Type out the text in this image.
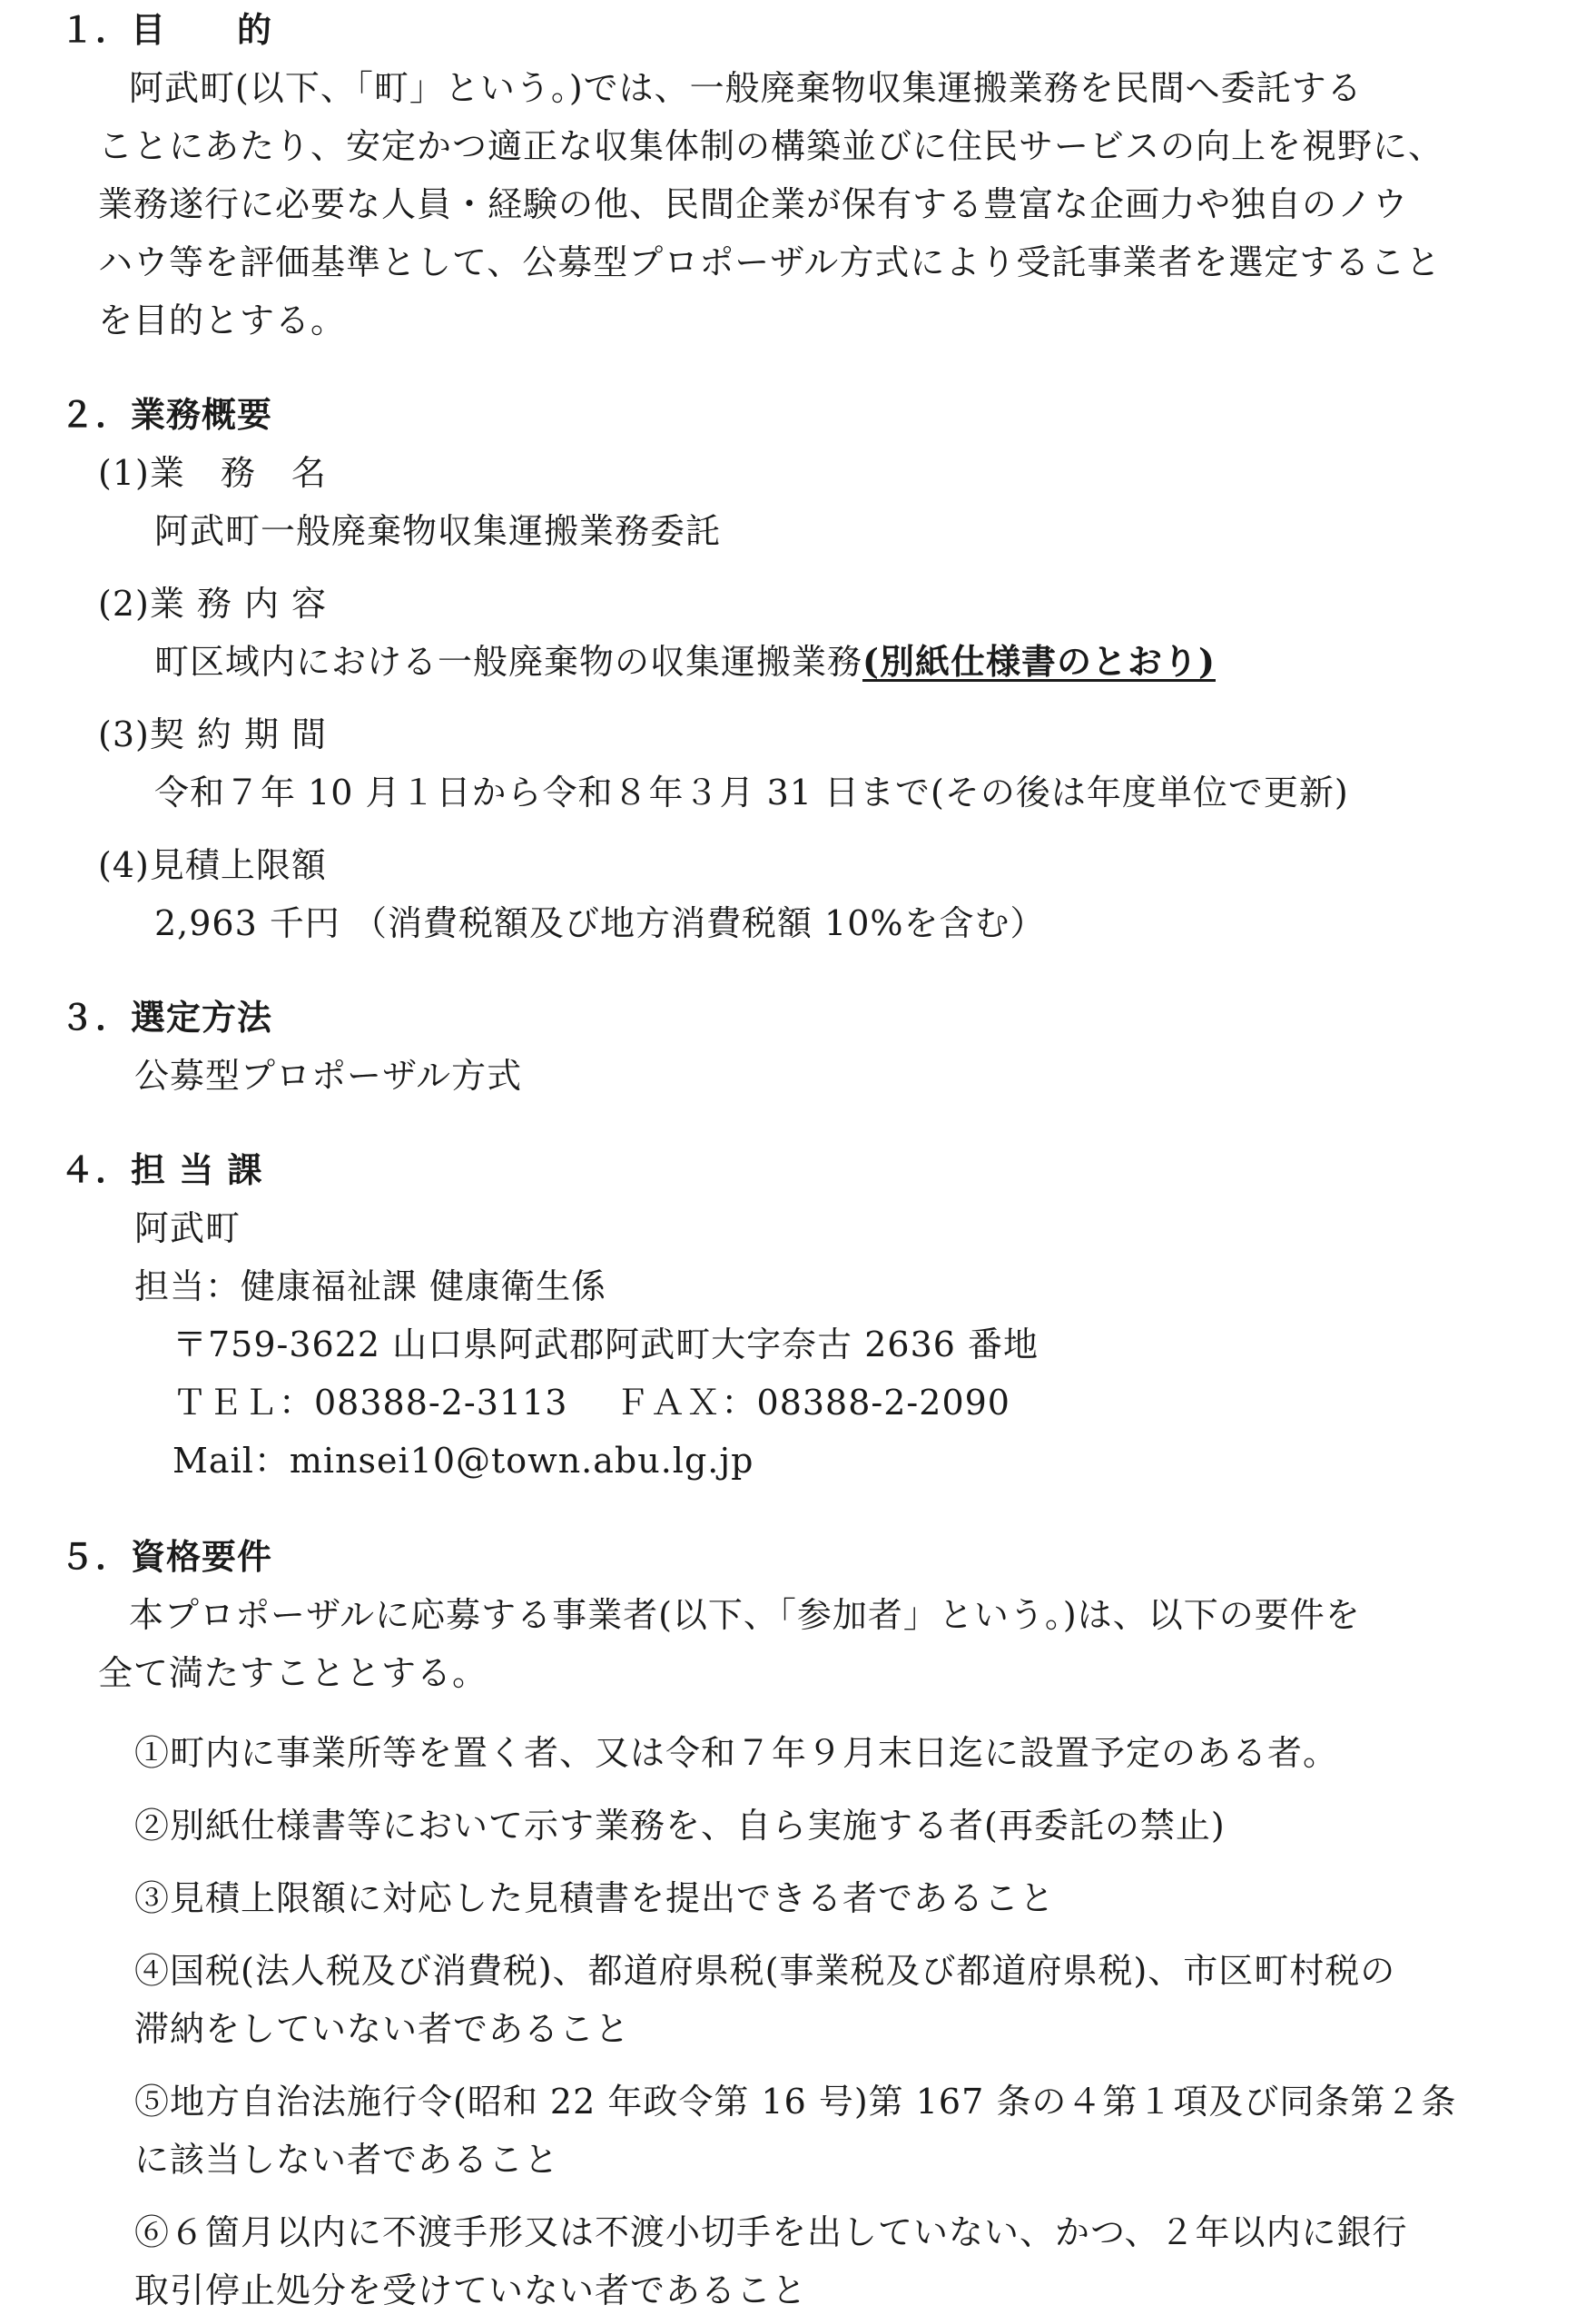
１．目　　的
阿武町(以下、「町」という。)では、一般廃棄物収集運搬業務を民間へ委託する
ことにあたり、安定かつ適正な収集体制の構築並びに住民サービスの向上を視野に、
業務遂行に必要な人員・経験の他、民間企業が保有する豊富な企画力や独自のノウ
ハウ等を評価基準として、公募型プロポーザル方式により受託事業者を選定すること
を目的とする。
２．業務概要
(1)業　務　名
阿武町一般廃棄物収集運搬業務委託
(2)業 務 内 容
町区域内における一般廃棄物の収集運搬業務(別紙仕様書のとおり)
(3)契 約 期 間
令和７年 10 月１日から令和８年３月 31 日まで(その後は年度単位で更新)
(4)見積上限額
2,963 千円 （消費税額及び地方消費税額 10%を含む）
３．選定方法
公募型プロポーザル方式
４．担 当 課
阿武町
担当：健康福祉課 健康衛生係
〒759-3622 山口県阿武郡阿武町大字奈古 2636 番地
ＴＥＬ：08388-2-3113　 ＦＡＸ：08388-2-2090
Mail：minsei10@town.abu.lg.jp
５．資格要件
本プロポーザルに応募する事業者(以下、「参加者」という。)は、以下の要件を
全て満たすこととする。
①町内に事業所等を置く者、又は令和７年９月末日迄に設置予定のある者。
②別紙仕様書等において示す業務を、自ら実施する者(再委託の禁止)
③見積上限額に対応した見積書を提出できる者であること
④国税(法人税及び消費税)、都道府県税(事業税及び都道府県税)、市区町村税の
滞納をしていない者であること
⑤地方自治法施行令(昭和 22 年政令第 16 号)第 167 条の４第１項及び同条第２条
に該当しない者であること
⑥６箇月以内に不渡手形又は不渡小切手を出していない、かつ、２年以内に銀行
取引停止処分を受けていない者であること
